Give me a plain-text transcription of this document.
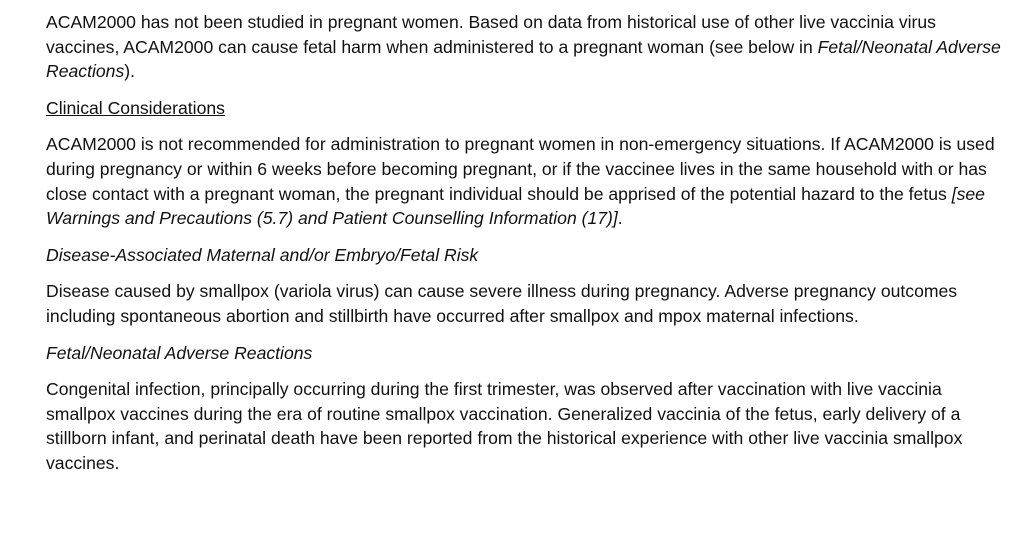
ACAM2000 has not been studied in pregnant women. Based on data from historical use of other live vaccinia virus vaccines, ACAM2000 can cause fetal harm when administered to a pregnant woman (see below in Fetal/Neonatal Adverse Reactions).

Clinical Considerations

ACAM2000 is not recommended for administration to pregnant women in non-emergency situations. If ACAM2000 is used during pregnancy or within 6 weeks before becoming pregnant, or if the vaccinee lives in the same household with or has close contact with a pregnant woman, the pregnant individual should be apprised of the potential hazard to the fetus [see Warnings and Precautions (5.7) and Patient Counselling Information (17)].

Disease-Associated Maternal and/or Embryo/Fetal Risk

Disease caused by smallpox (variola virus) can cause severe illness during pregnancy. Adverse pregnancy outcomes including spontaneous abortion and stillbirth have occurred after smallpox and mpox maternal infections.

Fetal/Neonatal Adverse Reactions

Congenital infection, principally occurring during the first trimester, was observed after vaccination with live vaccinia smallpox vaccines during the era of routine smallpox vaccination. Generalized vaccinia of the fetus, early delivery of a stillborn infant, and perinatal death have been reported from the historical experience with other live vaccinia smallpox vaccines.
